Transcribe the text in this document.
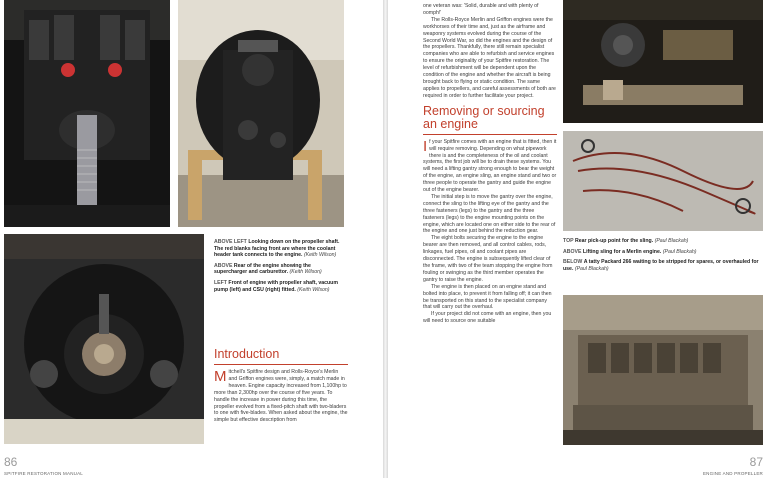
ABOVE LEFT Looking down on the propeller shaft. The red blanks facing front are where the coolant header tank connects to the engine. (Keith Wilson)

ABOVE Rear of the engine showing the supercharger and carburettor. (Keith Wilson)

LEFT Front of engine with propeller shaft, vacuum pump (left) and CSU (right) fitted. (Keith Wilson)

Introduction

Mitchell's Spitfire design and Rolls-Royce's Merlin and Griffon engines were, simply, a match made in heaven. Engine capacity increased from 1,100hp to more than 2,300hp over the course of five years. To handle the increase in power during this time, the propeller evolved from a fixed-pitch shaft with two-bladers to one with five-blades. When asked about the engine, the simple but effective description from

86
SPITFIRE RESTORATION MANUAL

one veteran was: 'Solid, durable and with plenty of oomph!'

The Rolls-Royce Merlin and Griffon engines were the workhorses of their time and, just as the airframe and weaponry systems evolved during the course of the Second World War, so did the engines and the design of the propellers. Thankfully, there still remain specialist companies who are able to refurbish and service engines to ensure the originality of your Spitfire restoration. The level of refurbishment will be dependent upon the condition of the engine and whether the aircraft is being brought back to flying or static condition. The same applies to propellers, and careful assessments of both are required in order to further facilitate your project.

Removing or sourcing an engine

If your Spitfire comes with an engine that is fitted, then it will require removing. Depending on what pipework there is and the completeness of the oil and coolant systems, the first job will be to drain these systems. You will need a lifting gantry strong enough to bear the weight of the engine, an engine sling, an engine stand and two or three people to operate the gantry and guide the engine out of the engine bearer.

The initial step is to move the gantry over the engine, connect the sling to the lifting eye of the gantry and the three fasteners (legs) to the gantry and the three fasteners (legs) to the engine mounting points on the engine, which are located one on either side to the rear of the engine and one just behind the reduction gear.

The eight bolts securing the engine to the engine bearer are then removed, and all control cables, rods, linkages, fuel pipes, oil and coolant pipes are disconnected. The engine is subsequently lifted clear of the frame, with two of the team stopping the engine from fouling or swinging as the third member operates the gantry to raise the engine.

The engine is then placed on an engine stand and bolted into place, to prevent it from falling off; it can then be transported on this stand to the specialist company that will carry out the overhaul.

If your project did not come with an engine, then you will need to source one suitable

TOP Rear pick-up point for the sling. (Paul Blackah)

ABOVE Lifting sling for a Merlin engine. (Paul Blackah)

BELOW A tatty Packard 266 waiting to be stripped for spares, or overhauled for use. (Paul Blackah)

87
ENGINE AND PROPELLER
